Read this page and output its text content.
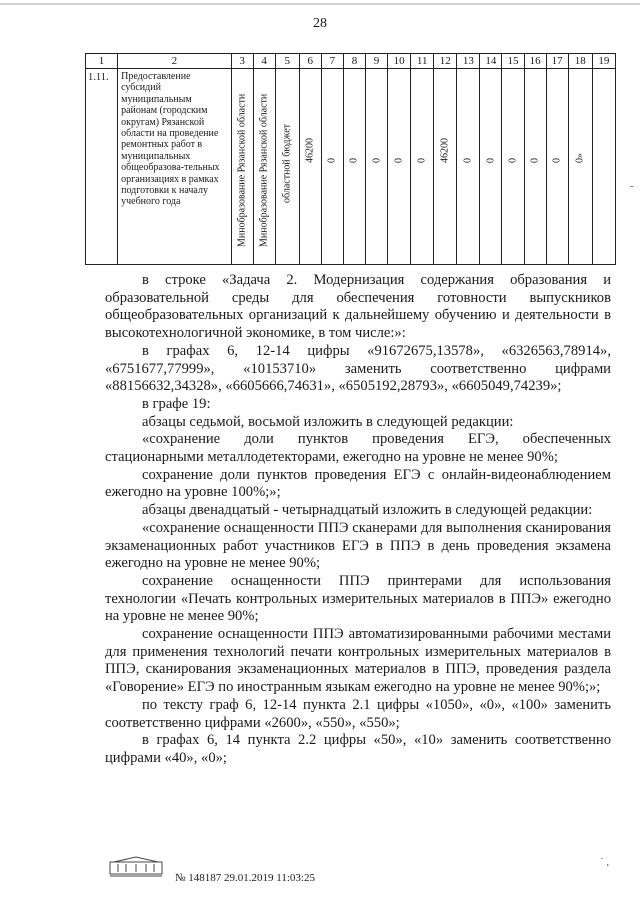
28
1	2	3	4	5	6	7	8	9	10	11	12	13	14	15	16	17	18	19
1.11.	Предоставление субсидий муниципальным районам (городским округам) Рязанской области на проведение ремонтных работ в муниципальных общеобразова-тельных организациях в рамках подготовки к началу учебного года	Минобразование Рязанской области	Минобразование Рязанской области	областной бюджет	46200	0	0	0	0	0	46200	0	0	0	0	0	0»	

в строке «Задача 2. Модернизация содержания образования и образовательной среды для обеспечения готовности выпускников общеобразовательных организаций к дальнейшему обучению и деятельности в высокотехнологичной экономике, в том числе:»:

в графах 6, 12-14 цифры «91672675,13578», «6326563,78914», «6751677,77999», «10153710» заменить соответственно цифрами «88156632,34328», «6605666,74631», «6505192,28793», «6605049,74239»;

в графе 19:

абзацы седьмой, восьмой изложить в следующей редакции:

«сохранение доли пунктов проведения ЕГЭ, обеспеченных стационарными металлодетекторами, ежегодно на уровне не менее 90%;

сохранение доли пунктов проведения ЕГЭ с онлайн-видеонаблюдением ежегодно на уровне 100%;»;

абзацы двенадцатый - четырнадцатый изложить в следующей редакции:

«сохранение оснащенности ППЭ сканерами для выполнения сканирования экзаменационных работ участников ЕГЭ в ППЭ в день проведения экзамена ежегодно на уровне не менее 90%;

сохранение оснащенности ППЭ принтерами для использования технологии «Печать контрольных измерительных материалов в ППЭ» ежегодно на уровне не менее 90%;

сохранение оснащенности ППЭ автоматизированными рабочими местами для применения технологий печати контрольных измерительных материалов в ППЭ, сканирования экзаменационных материалов в ППЭ, проведения раздела «Говорение» ЕГЭ по иностранным языкам ежегодно на уровне не менее 90%;»;

по тексту граф 6, 12-14 пункта 2.1 цифры «1050», «0», «100» заменить соответственно цифрами «2600», «550», «550»;

в графах 6, 14 пункта 2.2 цифры «50», «10» заменить соответственно цифрами «40», «0»;

№ 148187 29.01.2019 11:03:25
˙ ,
-
